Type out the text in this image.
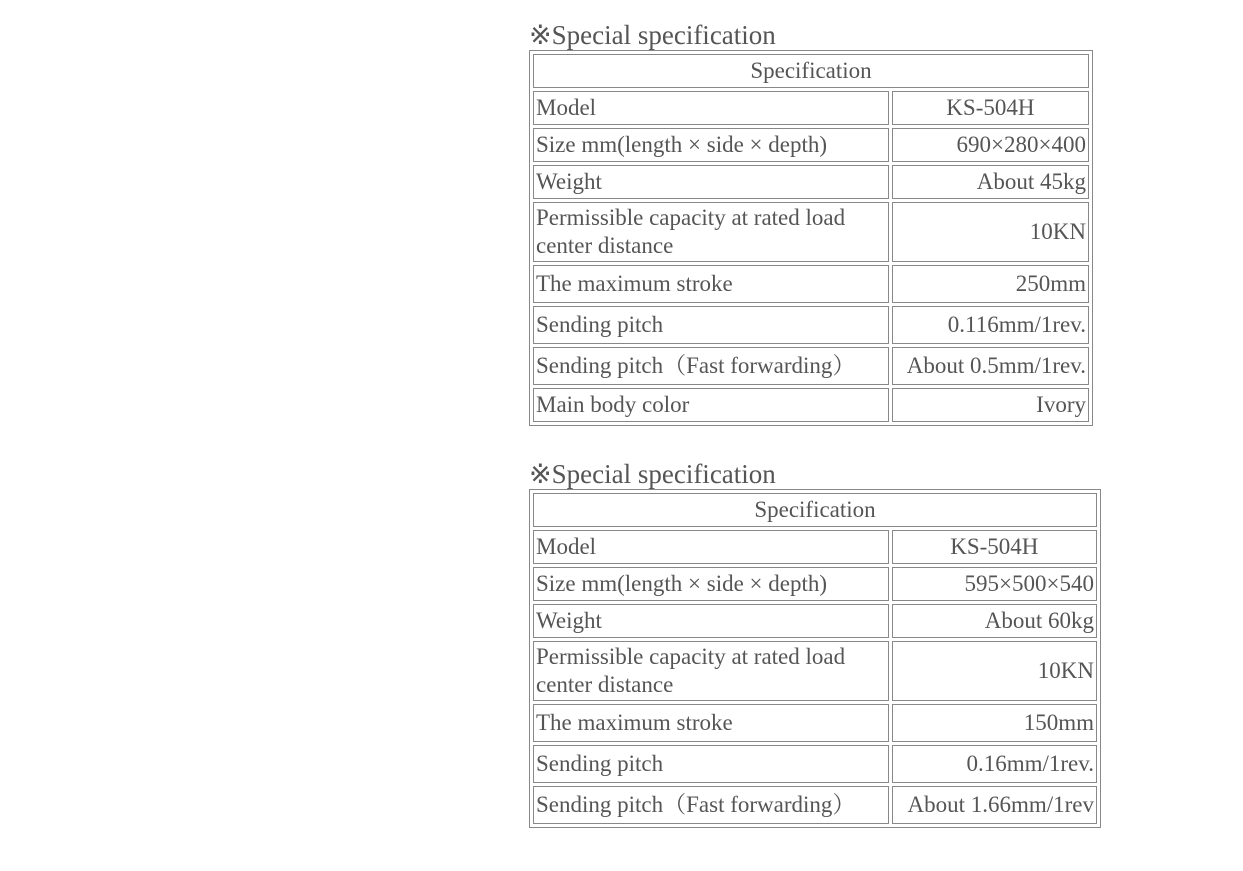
※Special specification
Specification	
Model	KS-504H
Size mm(length × side × depth)	690×280×400
Weight	About 45kg
Permissible capacity at rated load center distance	10KN
The maximum stroke	250mm
Sending pitch	0.116mm/1rev.
Sending pitch（Fast forwarding）	About 0.5mm/1rev.
Main body color	Ivory
※Special specification
Specification	
Model	KS-504H
Size mm(length × side × depth)	595×500×540
Weight	About 60kg
Permissible capacity at rated load center distance	10KN
The maximum stroke	150mm
Sending pitch	0.16mm/1rev.
Sending pitch（Fast forwarding）	About 1.66mm/1rev
